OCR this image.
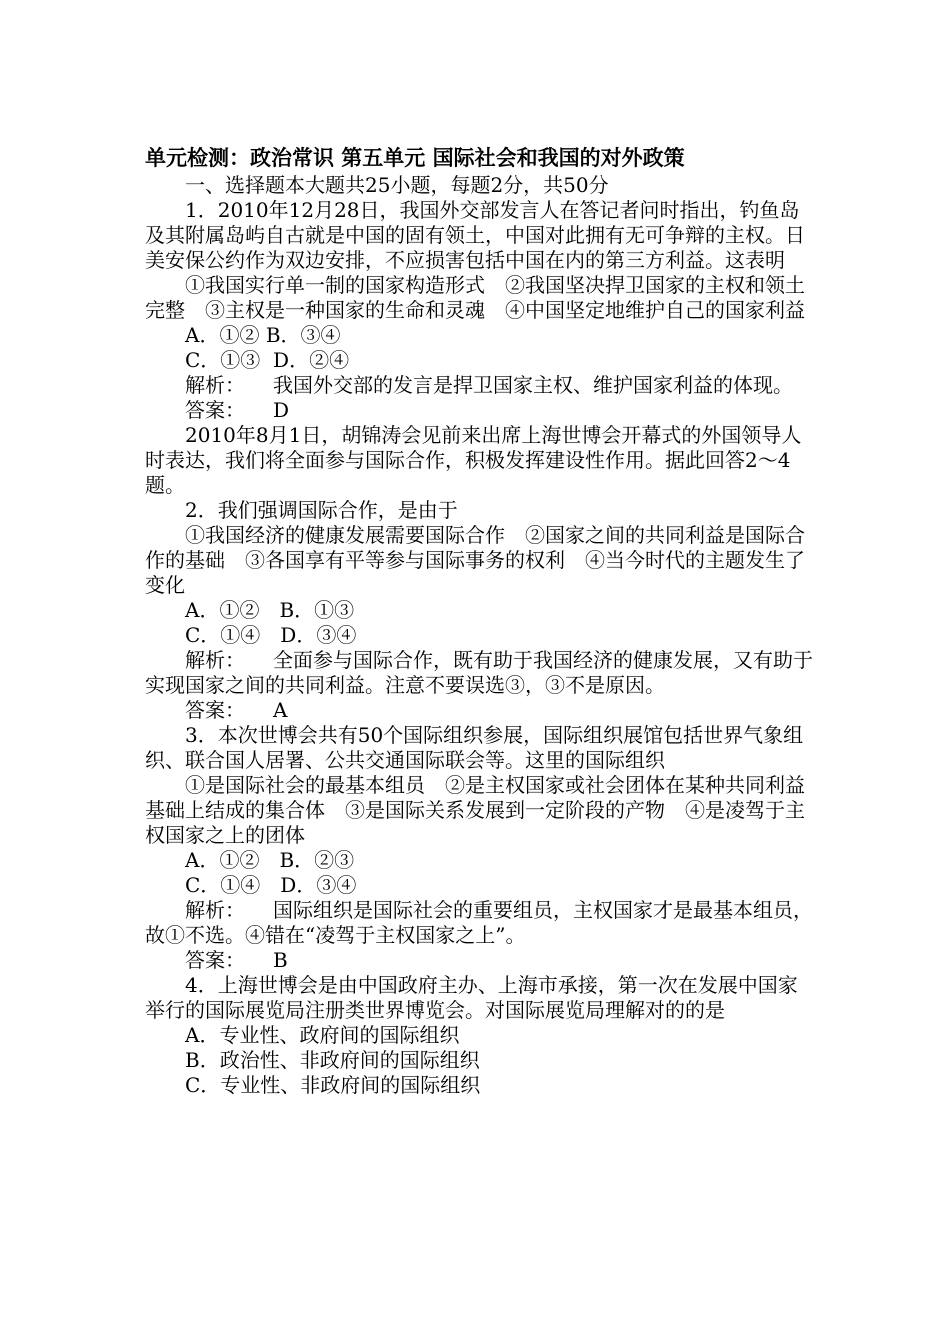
单元检测：政治常识 第五单元 国际社会和我国的对外政策

一、选择题本大题共25小题，每题2分，共50分

1．2010年12月28日，我国外交部发言人在答记者问时指出，钓鱼岛及其附属岛屿自古就是中国的固有领土，中国对此拥有无可争辩的主权。日美安保公约作为双边安排，不应损害包括中国在内的第三方利益。这表明

①我国实行单一制的国家构造形式　②我国坚决捍卫国家的主权和领土完整　③主权是一种国家的生命和灵魂　④中国坚定地维护自己的国家利益

A．①② B．③④
C．①③ D．②④

解析： 我国外交部的发言是捍卫国家主权、维护国家利益的体现。

答案： D

2010年8月1日，胡锦涛会见前来出席上海世博会开幕式的外国领导人时表达，我们将全面参与国际合作，积极发挥建设性作用。据此回答2～4题。

2．我们强调国际合作，是由于

①我国经济的健康发展需要国际合作　②国家之间的共同利益是国际合作的基础　③各国享有平等参与国际事务的权利　④当今时代的主题发生了变化

A．①②　B．①③

C．①④　D．③④

解析： 全面参与国际合作，既有助于我国经济的健康发展，又有助于实现国家之间的共同利益。注意不要误选③，③不是原因。

答案： A

3．本次世博会共有50个国际组织参展，国际组织展馆包括世界气象组织、联合国人居署、公共交通国际联会等。这里的国际组织

①是国际社会的最基本组员　②是主权国家或社会团体在某种共同利益基础上结成的集合体　③是国际关系发展到一定阶段的产物　④是凌驾于主权国家之上的团体

A．①②　B．②③

C．①④　D．③④

解析： 国际组织是国际社会的重要组员，主权国家才是最基本组员，故①不选。④错在“凌驾于主权国家之上”。

答案： B

4．上海世博会是由中国政府主办、上海市承接，第一次在发展中国家举行的国际展览局注册类世界博览会。对国际展览局理解对的的是

A．专业性、政府间的国际组织

B．政治性、非政府间的国际组织

C．专业性、非政府间的国际组织
